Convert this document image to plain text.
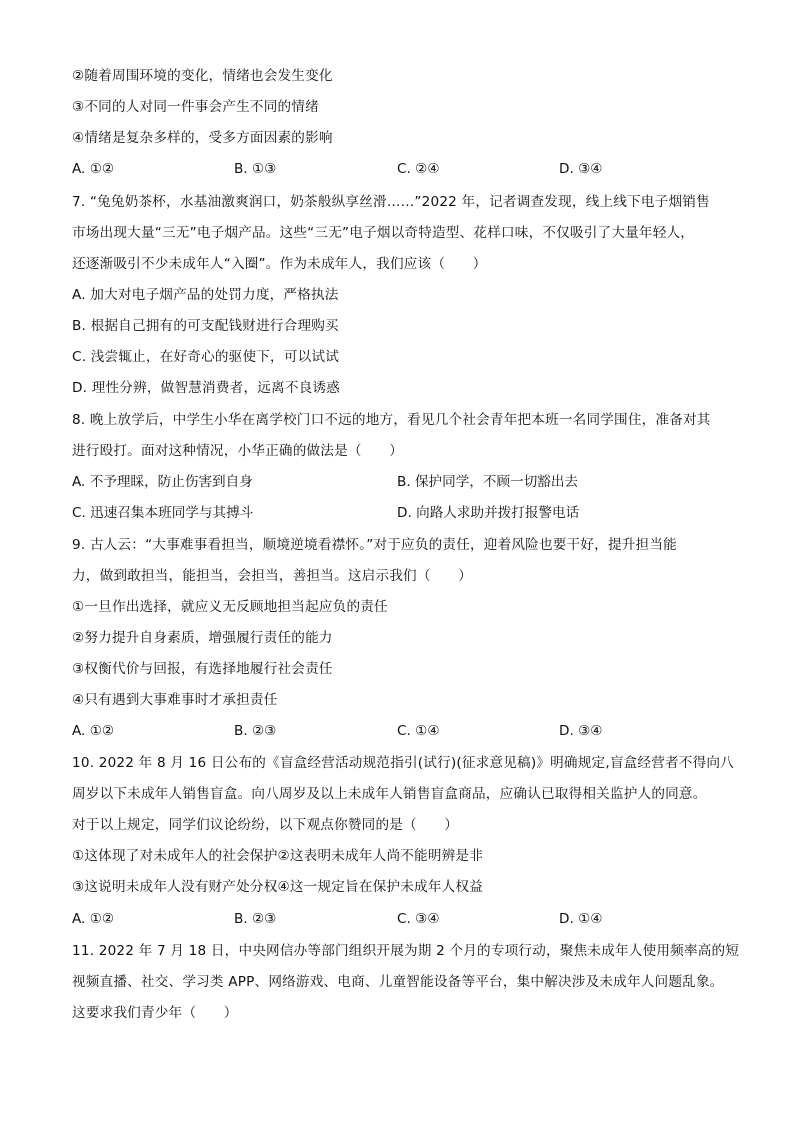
②随着周围环境的变化，情绪也会发生变化
③不同的人对同一件事会产生不同的情绪
④情绪是复杂多样的，受多方面因素的影响
A. ①②	B. ①③	C. ②④	D. ③④
7. “兔兔奶茶杯，水基油激爽润口，奶茶般纵享丝滑……”2022 年，记者调查发现，线上线下电子烟销售
市场出现大量“三无”电子烟产品。这些“三无”电子烟以奇特造型、花样口味，不仅吸引了大量年轻人，
还逐渐吸引不少未成年人“入圈”。作为未成年人，我们应该（　　）
A. 加大对电子烟产品的处罚力度，严格执法
B. 根据自己拥有的可支配钱财进行合理购买
C. 浅尝辄止，在好奇心的驱使下，可以试试
D. 理性分辨，做智慧消费者，远离不良诱惑
8. 晚上放学后，中学生小华在离学校门口不远的地方，看见几个社会青年把本班一名同学围住，准备对其
进行殴打。面对这种情况，小华正确的做法是（　　）
A. 不予理睬，防止伤害到自身	B. 保护同学，不顾一切豁出去
C. 迅速召集本班同学与其搏斗	D. 向路人求助并拨打报警电话
9. 古人云：“大事难事看担当，顺境逆境看襟怀。”对于应负的责任，迎着风险也要干好，提升担当能
力，做到敢担当，能担当，会担当，善担当。这启示我们（　　）
①一旦作出选择，就应义无反顾地担当起应负的责任
②努力提升自身素质，增强履行责任的能力
③权衡代价与回报，有选择地履行社会责任
④只有遇到大事难事时才承担责任
A. ①②	B. ②③	C. ①④	D. ③④
10. 2022 年 8 月 16 日公布的《盲盒经营活动规范指引(试行)(征求意见稿)》明确规定,盲盒经营者不得向八
周岁以下未成年人销售盲盒。向八周岁及以上未成年人销售盲盒商品，应确认已取得相关监护人的同意。
对于以上规定，同学们议论纷纷，以下观点你赞同的是（　　）
①这体现了对未成年人的社会保护②这表明未成年人尚不能明辨是非
③这说明未成年人没有财产处分权④这一规定旨在保护未成年人权益
A. ①②	B. ②③	C. ③④	D. ①④
11. 2022 年 7 月 18 日，中央网信办等部门组织开展为期 2 个月的专项行动，聚焦未成年人使用频率高的短
视频直播、社交、学习类 APP、网络游戏、电商、儿童智能设备等平台，集中解决涉及未成年人问题乱象。
这要求我们青少年（　　）
